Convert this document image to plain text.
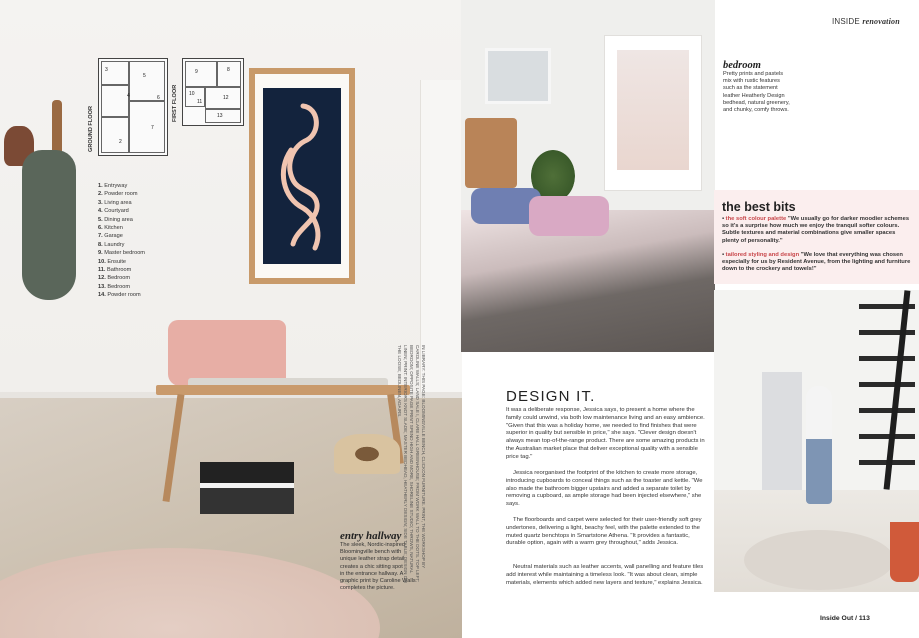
5
6
4
7
3
2
9	8
10
11
12
13
GROUND FLOOR
FIRST FLOOR
1. Entryway
2. Powder room
3. Living area
4. Courtyard
5. Dining area
6. Kitchen
7. Garage
8. Laundry
9. Master bedroom
10. Ensuite
11. Bathroom
12. Bedroom
13. Bedroom
14. Powder room
entry hallway
The sleek, Nordic-inspired
Bloomingville bench with
unique leather strap detail
creates a chic sitting spot
in the entrance hallway. A
graphic print by Caroline Walls
completes the picture.
IN LIBRARY: THIS PAGE: BLOOMINGVILLE BENCH, CLICKON FURNITURE. PRINT, THE WORKSHOP BY CAROLINE WALLS; LAND SALE I, CLARE HALL GREENHOUSE; FROM WORK WALL TO THE DOTS. TOP LEFT: BEDROOM; OPPOSITE PAGE PRINT SPEND HIGH AND MORE, SHORELINE STUDIO; THROWS, NATURAL LINEN; PRINT: INTERIORS KNOT SLADE; MASTER BEDHEAD, HEATHERLY DESIGN; SIDE TABLE; DESIGN ON THE LOOSE; BEDLINEN, ADAIRS.
INSIDE renovation
bedroom
Pretty prints and pastels
mix with rustic features
such as the statement
leather Heatherly Design
bedhead, natural greenery,
and chunky, comfy throws.
the best bits
▪ the soft colour palette "We usually go for darker moodier schemes so it's a surprise how much we enjoy the tranquil softer colours. Subtle textures and material combinations give smaller spaces plenty of personality."
▪ tailored styling and design "We love that everything was chosen especially for us by Resident Avenue, from the lighting and furniture down to the crockery and towels!"
DESIGN IT.

It was a deliberate response, Jessica says, to present a home where the family could unwind, via both low maintenance living and an easy ambience. "Given that this was a holiday home, we needed to find finishes that were superior in quality but sensible in price," she says. "Clever design doesn't always mean top-of-the-range product. There are some amazing products in the Australian market place that deliver exceptional quality with a sensible price tag."

Jessica reorganised the footprint of the kitchen to create more storage, introducing cupboards to conceal things such as the toaster and kettle. "We also made the bathroom bigger upstairs and added a separate toilet by removing a cupboard, as ample storage had been injected elsewhere," she says.

The floorboards and carpet were selected for their user-friendly soft grey undertones, delivering a light, beachy feel, with the palette extended to the muted quartz benchtops in Smartstone Athena. "It provides a fantastic, durable option, again with a warm grey throughout," adds Jessica.

Neutral materials such as leather accents, wall panelling and feature tiles add interest while maintaining a timeless look. "It was about clean, simple materials, elements which added new layers and texture," explains Jessica.

Inside Out / 113
